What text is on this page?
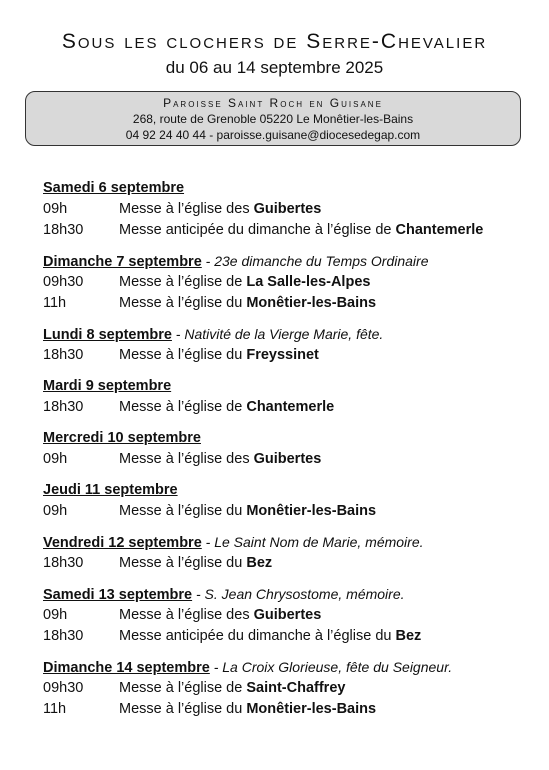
Sous les clochers de Serre-Chevalier
du 06 au 14 septembre 2025
Paroisse Saint Roch en Guisane
268, route de Grenoble 05220 Le Monêtier-les-Bains
04 92 24 40 44 - paroisse.guisane@diocesedegap.com
Samedi 6 septembre
09h	Messe à l’église des Guibertes
18h30	Messe anticipée du dimanche à l’église de Chantemerle
Dimanche 7 septembre - 23e dimanche du Temps Ordinaire
09h30	Messe à l’église de La Salle-les-Alpes
11h	Messe à l’église du Monêtier-les-Bains
Lundi 8 septembre - Nativité de la Vierge Marie, fête.
18h30	Messe à l’église du Freyssinet
Mardi 9 septembre
18h30	Messe à l’église de Chantemerle
Mercredi 10 septembre
09h	Messe à l’église des Guibertes
Jeudi 11 septembre
09h	Messe à l’église du Monêtier-les-Bains
Vendredi 12 septembre - Le Saint Nom de Marie, mémoire.
18h30	Messe à l’église du Bez
Samedi 13 septembre - S. Jean Chrysostome, mémoire.
09h	Messe à l’église des Guibertes
18h30	Messe anticipée du dimanche à l’église du Bez
Dimanche 14 septembre - La Croix Glorieuse, fête du Seigneur.
09h30	Messe à l’église de Saint-Chaffrey
11h	Messe à l’église du Monêtier-les-Bains
